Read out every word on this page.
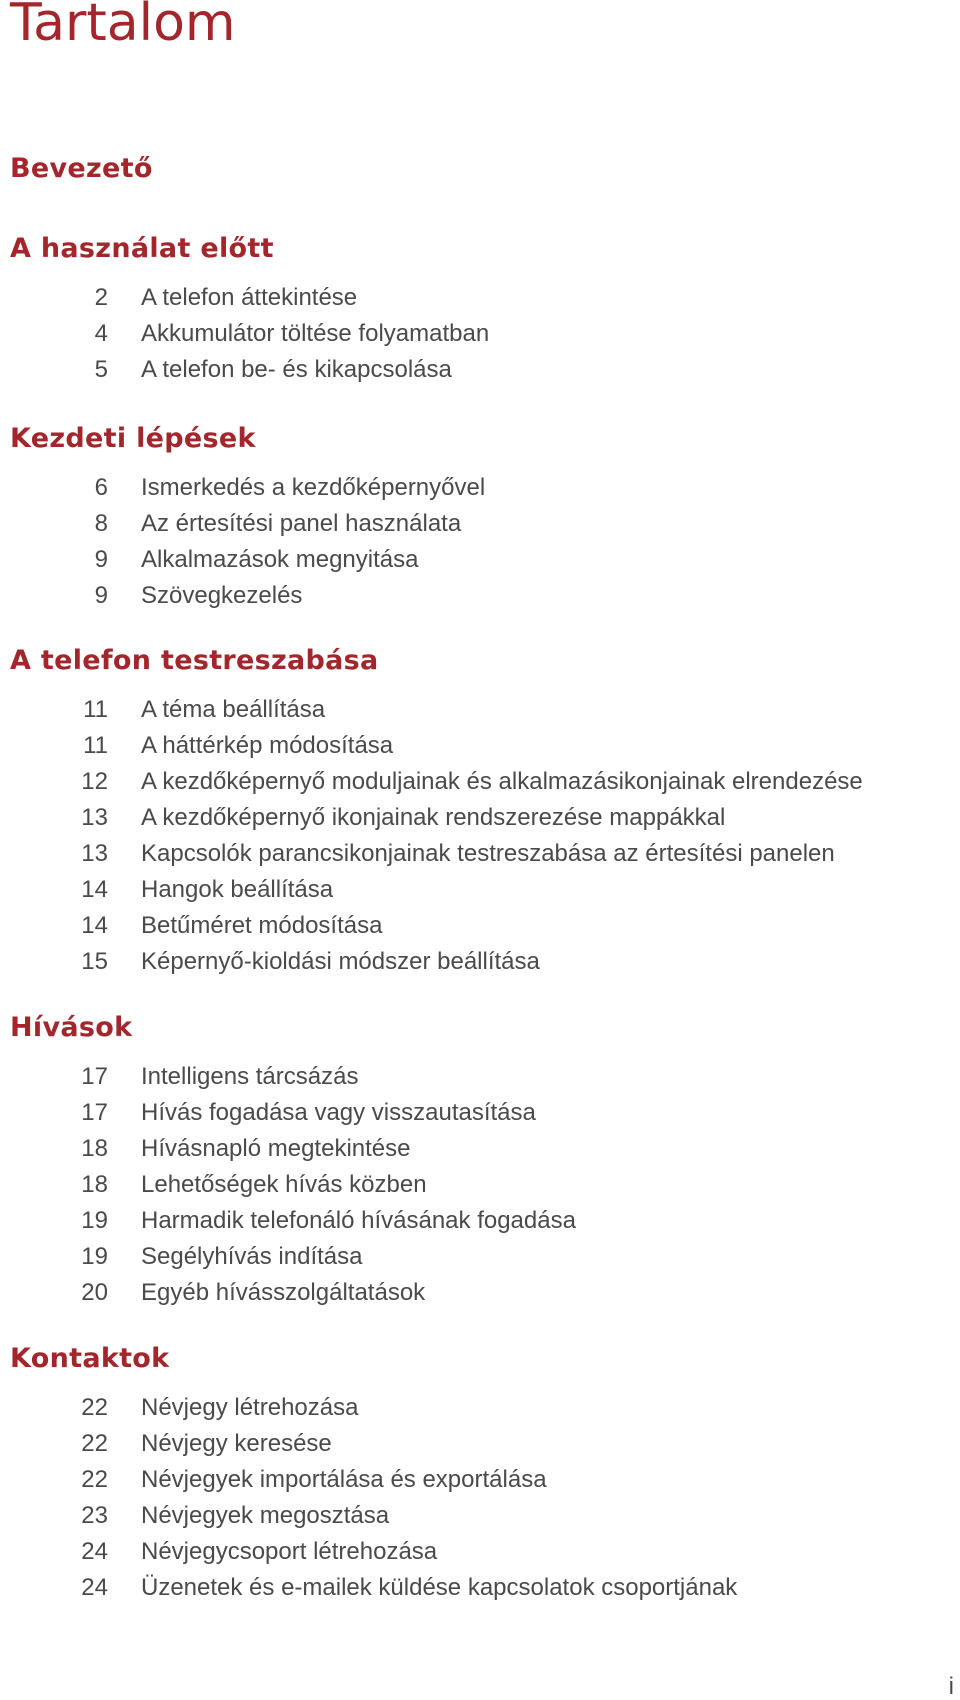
Tartalom
Bevezető
A használat előtt
2 A telefon áttekintése
4 Akkumulátor töltése folyamatban
5 A telefon be- és kikapcsolása
Kezdeti lépések
6 Ismerkedés a kezdőképernyővel
8 Az értesítési panel használata
9 Alkalmazások megnyitása
9 Szövegkezelés
A telefon testreszabása
11 A téma beállítása
11 A háttérkép módosítása
12 A kezdőképernyő moduljainak és alkalmazásikonjainak elrendezése
13 A kezdőképernyő ikonjainak rendszerezése mappákkal
13 Kapcsolók parancsikonjainak testreszabása az értesítési panelen
14 Hangok beállítása
14 Betűméret módosítása
15 Képernyő-kioldási módszer beállítása
Hívások
17 Intelligens tárcsázás
17 Hívás fogadása vagy visszautasítása
18 Hívásnapló megtekintése
18 Lehetőségek hívás közben
19 Harmadik telefonáló hívásának fogadása
19 Segélyhívás indítása
20 Egyéb hívásszolgáltatások
Kontaktok
22 Névjegy létrehozása
22 Névjegy keresése
22 Névjegyek importálása és exportálása
23 Névjegyek megosztása
24 Névjegycsoport létrehozása
24 Üzenetek és e-mailek küldése kapcsolatok csoportjának
i
